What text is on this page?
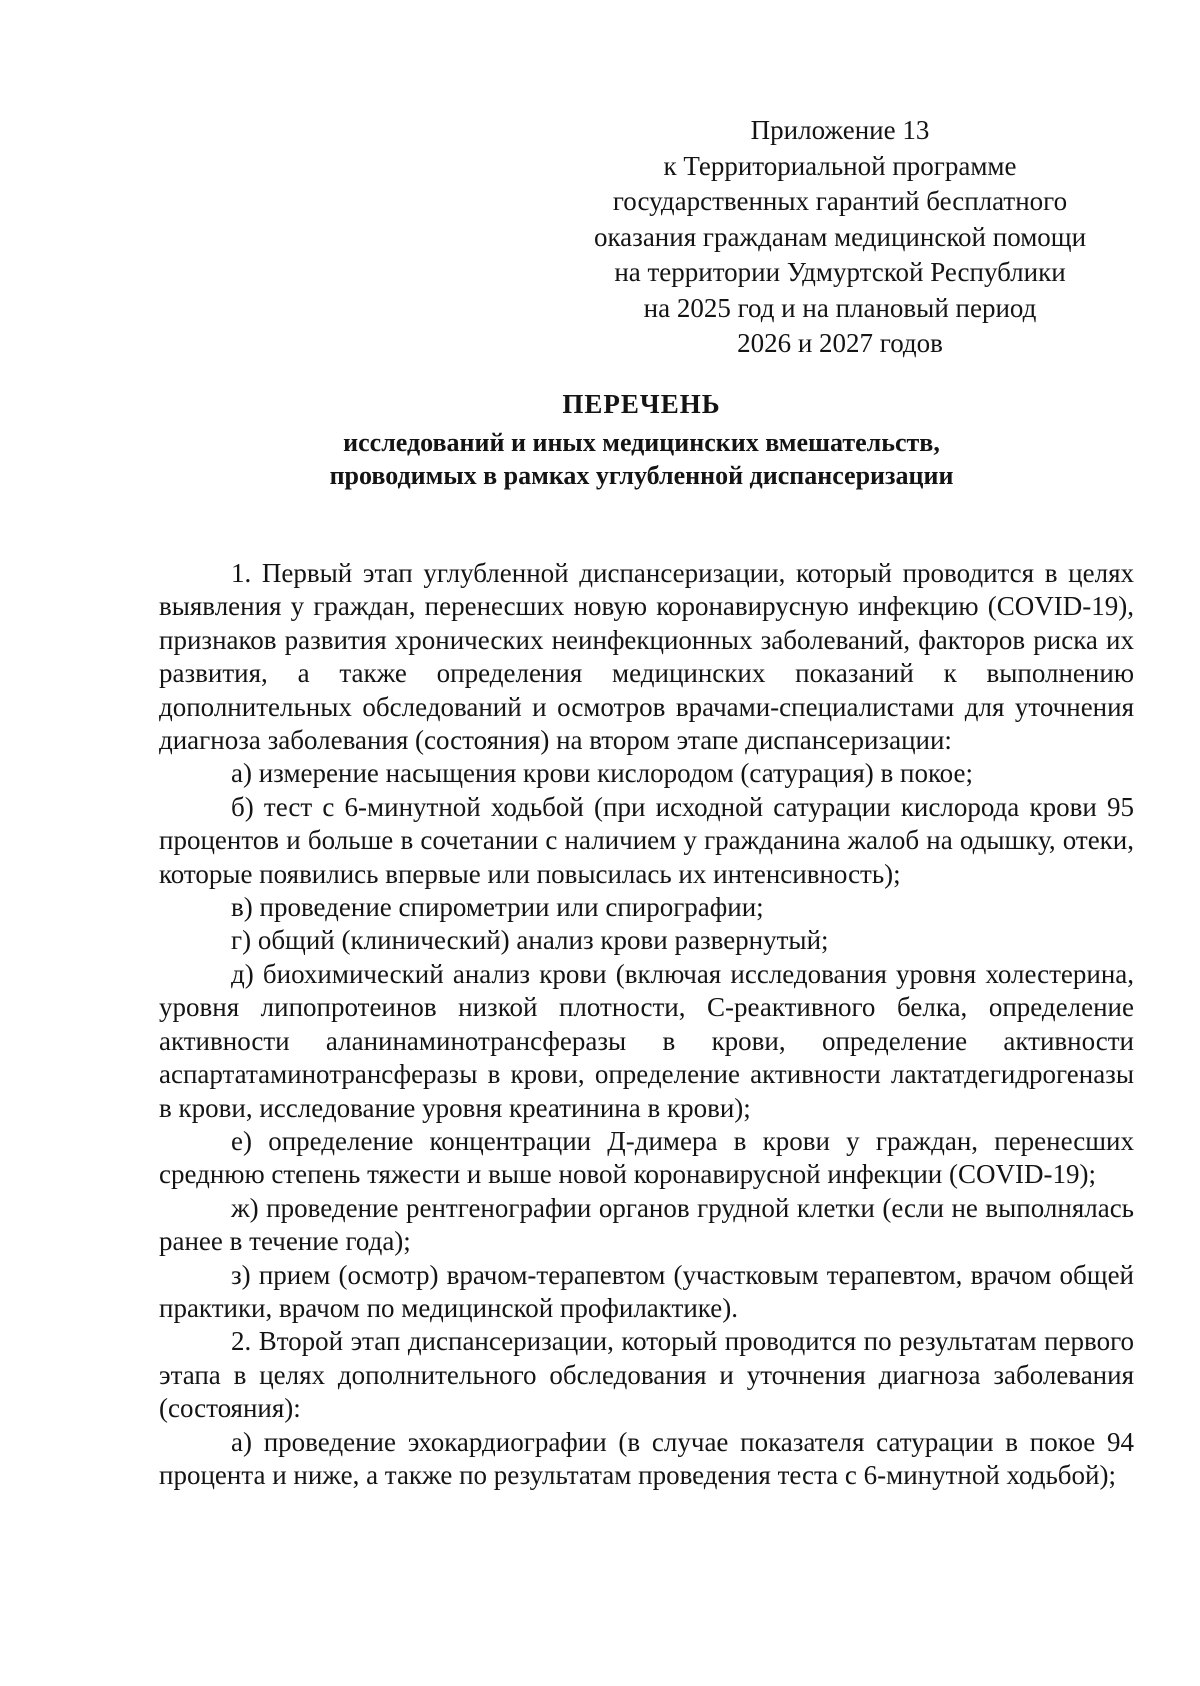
Приложение 13
к Территориальной программе
государственных гарантий бесплатного
оказания гражданам медицинской помощи
на территории Удмуртской Республики
на 2025 год и на плановый период
2026 и 2027 годов
ПЕРЕЧЕНЬ
исследований и иных медицинских вмешательств,
проводимых в рамках углубленной диспансеризации

1. Первый этап углубленной диспансеризации, который проводится в целях выявления у граждан, перенесших новую коронавирусную инфекцию (COVID-19), признаков развития хронических неинфекционных заболеваний, факторов риска их развития, а также определения медицинских показаний к выполнению дополнительных обследований и осмотров врачами-специалистами для уточнения диагноза заболевания (состояния) на втором этапе диспансеризации:

а) измерение насыщения крови кислородом (сатурация) в покое;

б) тест с 6-минутной ходьбой (при исходной сатурации кислорода крови 95 процентов и больше в сочетании с наличием у гражданина жалоб на одышку, отеки, которые появились впервые или повысилась их интенсивность);

в) проведение спирометрии или спирографии;

г) общий (клинический) анализ крови развернутый;

д) биохимический анализ крови (включая исследования уровня холестерина, уровня липопротеинов низкой плотности, С-реактивного белка, определение активности аланинаминотрансферазы в крови, определение активности аспартатаминотрансферазы в крови, определение активности лактатдегидрогеназы в крови, исследование уровня креатинина в крови);

е) определение концентрации Д-димера в крови у граждан, перенесших среднюю степень тяжести и выше новой коронавирусной инфекции (COVID-19);

ж) проведение рентгенографии органов грудной клетки (если не выполнялась ранее в течение года);

з) прием (осмотр) врачом-терапевтом (участковым терапевтом, врачом общей практики, врачом по медицинской профилактике).

2. Второй этап диспансеризации, который проводится по результатам первого этапа в целях дополнительного обследования и уточнения диагноза заболевания (состояния):

а) проведение эхокардиографии (в случае показателя сатурации в покое 94 процента и ниже, а также по результатам проведения теста с 6-минутной ходьбой);
